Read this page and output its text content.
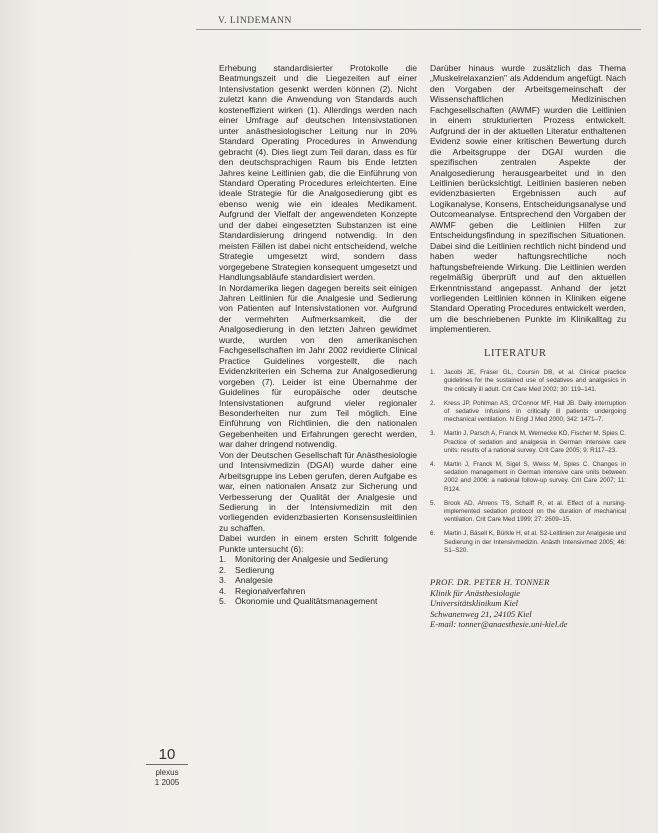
V. LINDEMANN

Erhebung standardisierter Protokolle die Beatmungszeit und die Liegezeiten auf einer Intensivstation gesenkt werden können (2). Nicht zuletzt kann die Anwendung von Standards auch kosteneffizient wirken (1). Allerdings werden nach einer Umfrage auf deutschen Intensivstationen unter anästhesiologischer Leitung nur in 20% Standard Operating Procedures in Anwendung gebracht (4). Dies liegt zum Teil daran, dass es für den deutschsprachigen Raum bis Ende letzten Jahres keine Leitlinien gab, die die Einführung von Standard Operating Procedures erleichterten. Eine ideale Strategie für die Analgosedierung gibt es ebenso wenig wie ein ideales Medikament. Aufgrund der Vielfalt der angewendeten Konzepte und der dabei eingesetzten Substanzen ist eine Standardisierung dringend notwendig. In den meisten Fällen ist dabei nicht entscheidend, welche Strategie umgesetzt wird, sondern dass vorgegebene Strategien konsequent umgesetzt und Handlungsabläufe standardisiert werden.

In Nordamerika liegen dagegen bereits seit einigen Jahren Leitlinien für die Analgesie und Sedierung von Patienten auf Intensivstationen vor. Aufgrund der vermehrten Aufmerksamkeit, die der Analgosedierung in den letzten Jahren gewidmet wurde, wurden von den amerikanischen Fachgesellschaften im Jahr 2002 revidierte Clinical Practice Guidelines vorgestellt, die nach Evidenzkriterien ein Schema zur Analgosedierung vorgeben (7). Leider ist eine Übernahme der Guidelines für europäische oder deutsche Intensivstationen aufgrund vieler regionaler Besonderheiten nur zum Teil möglich. Eine Einführung von Richtlinien, die den nationalen Gegebenheiten und Erfahrungen gerecht werden, war daher dringend notwendig.

Von der Deutschen Gesellschaft für Anästhesiologie und Intensivmedizin (DGAI) wurde daher eine Arbeitsgruppe ins Leben gerufen, deren Aufgabe es war, einen nationalen Ansatz zur Sicherung und Verbesserung der Qualität der Analgesie und Sedierung in der Intensivmedizin mit den vorliegenden evidenzbasierten Konsensusleitlinien zu schaffen.

Dabei wurden in einem ersten Schritt folgende Punkte untersucht (6):

1.	Monitoring der Analgesie und Sedierung
2.	Sedierung
3.	Analgesie
4.	Regionalverfahren
5.	Ökonomie und Qualitätsmanagement

Darüber hinaus wurde zusätzlich das Thema „Muskelrelaxanzien" als Addendum angefügt. Nach den Vorgaben der Arbeitsgemeinschaft der Wissenschaftlichen Medizinischen Fachgesellschaften (AWMF) wurden die Leitlinien in einem strukturierten Prozess entwickelt. Aufgrund der in der aktuellen Literatur enthaltenen Evidenz sowie einer kritischen Bewertung durch die Arbeitsgruppe der DGAI wurden die spezifischen zentralen Aspekte der Analgosedierung herausgearbeitet und in den Leitlinien berücksichtigt. Leitlinien basieren neben evidenzbasierten Ergebnissen auch auf Logikanalyse, Konsens, Entscheidungsanalyse und Outcomeanalyse. Entsprechend den Vorgaben der AWMF geben die Leitlinien Hilfen zur Entscheidungsfindung in spezifischen Situationen. Dabei sind die Leitlinien rechtlich nicht bindend und haben weder haftungsrechtliche noch haftungsbefreiende Wirkung. Die Leitlinien werden regelmäßig überprüft und auf den aktuellen Erkenntnisstand angepasst. Anhand der jetzt vorliegenden Leitlinien können in Kliniken eigene Standard Operating Procedures entwickelt werden, um die beschriebenen Punkte im Klinikalltag zu implementieren.

LITERATUR
1.	Jacobi JE, Fraser GL, Coursin DB, et al. Clinical practice guidelines for the sustained use of sedatives and analgesics in the critically ill adult. Crit Care Med 2002; 30: 119–141.
2.	Kress JP, Pohlman AS, O'Connor MF, Hall JB. Daily interruption of sedative infusions in critically ill patients undergoing mechanical ventilation. N Engl J Med 2000; 342: 1471–7.
3.	Martin J, Parsch A, Franck M, Wernecke KD, Fischer M, Spies C. Practice of sedation and analgesia in German intensive care units: results of a national survey. Crit Care 2005; 9: R117–23.
4.	Martin J, Franck M, Sigel S, Weiss M, Spies C. Changes in sedation management in German intensive care units between 2002 and 2006: a national follow-up survey. Crit Care 2007; 11: R124.
5.	Brook AD, Ahrens TS, Schaiff R, et al. Effect of a nursing-implemented sedation protocol on the duration of mechanical ventilation. Crit Care Med 1999; 27: 2609–15.
6.	Martin J, Bäsell K, Bürkle H, et al. S2-Leitlinien zur Analgesie und Sedierung in der Intensivmedizin. Anästh Intensivmed 2005; 46: S1–S20.
PROF. DR. PETER H. TONNER
Klinik für Anästhesiologie
Universitätsklinikum Kiel
Schwanenweg 21, 24105 Kiel
E-mail: tonner@anaesthesie.uni-kiel.de
10
plexus
1 2005
